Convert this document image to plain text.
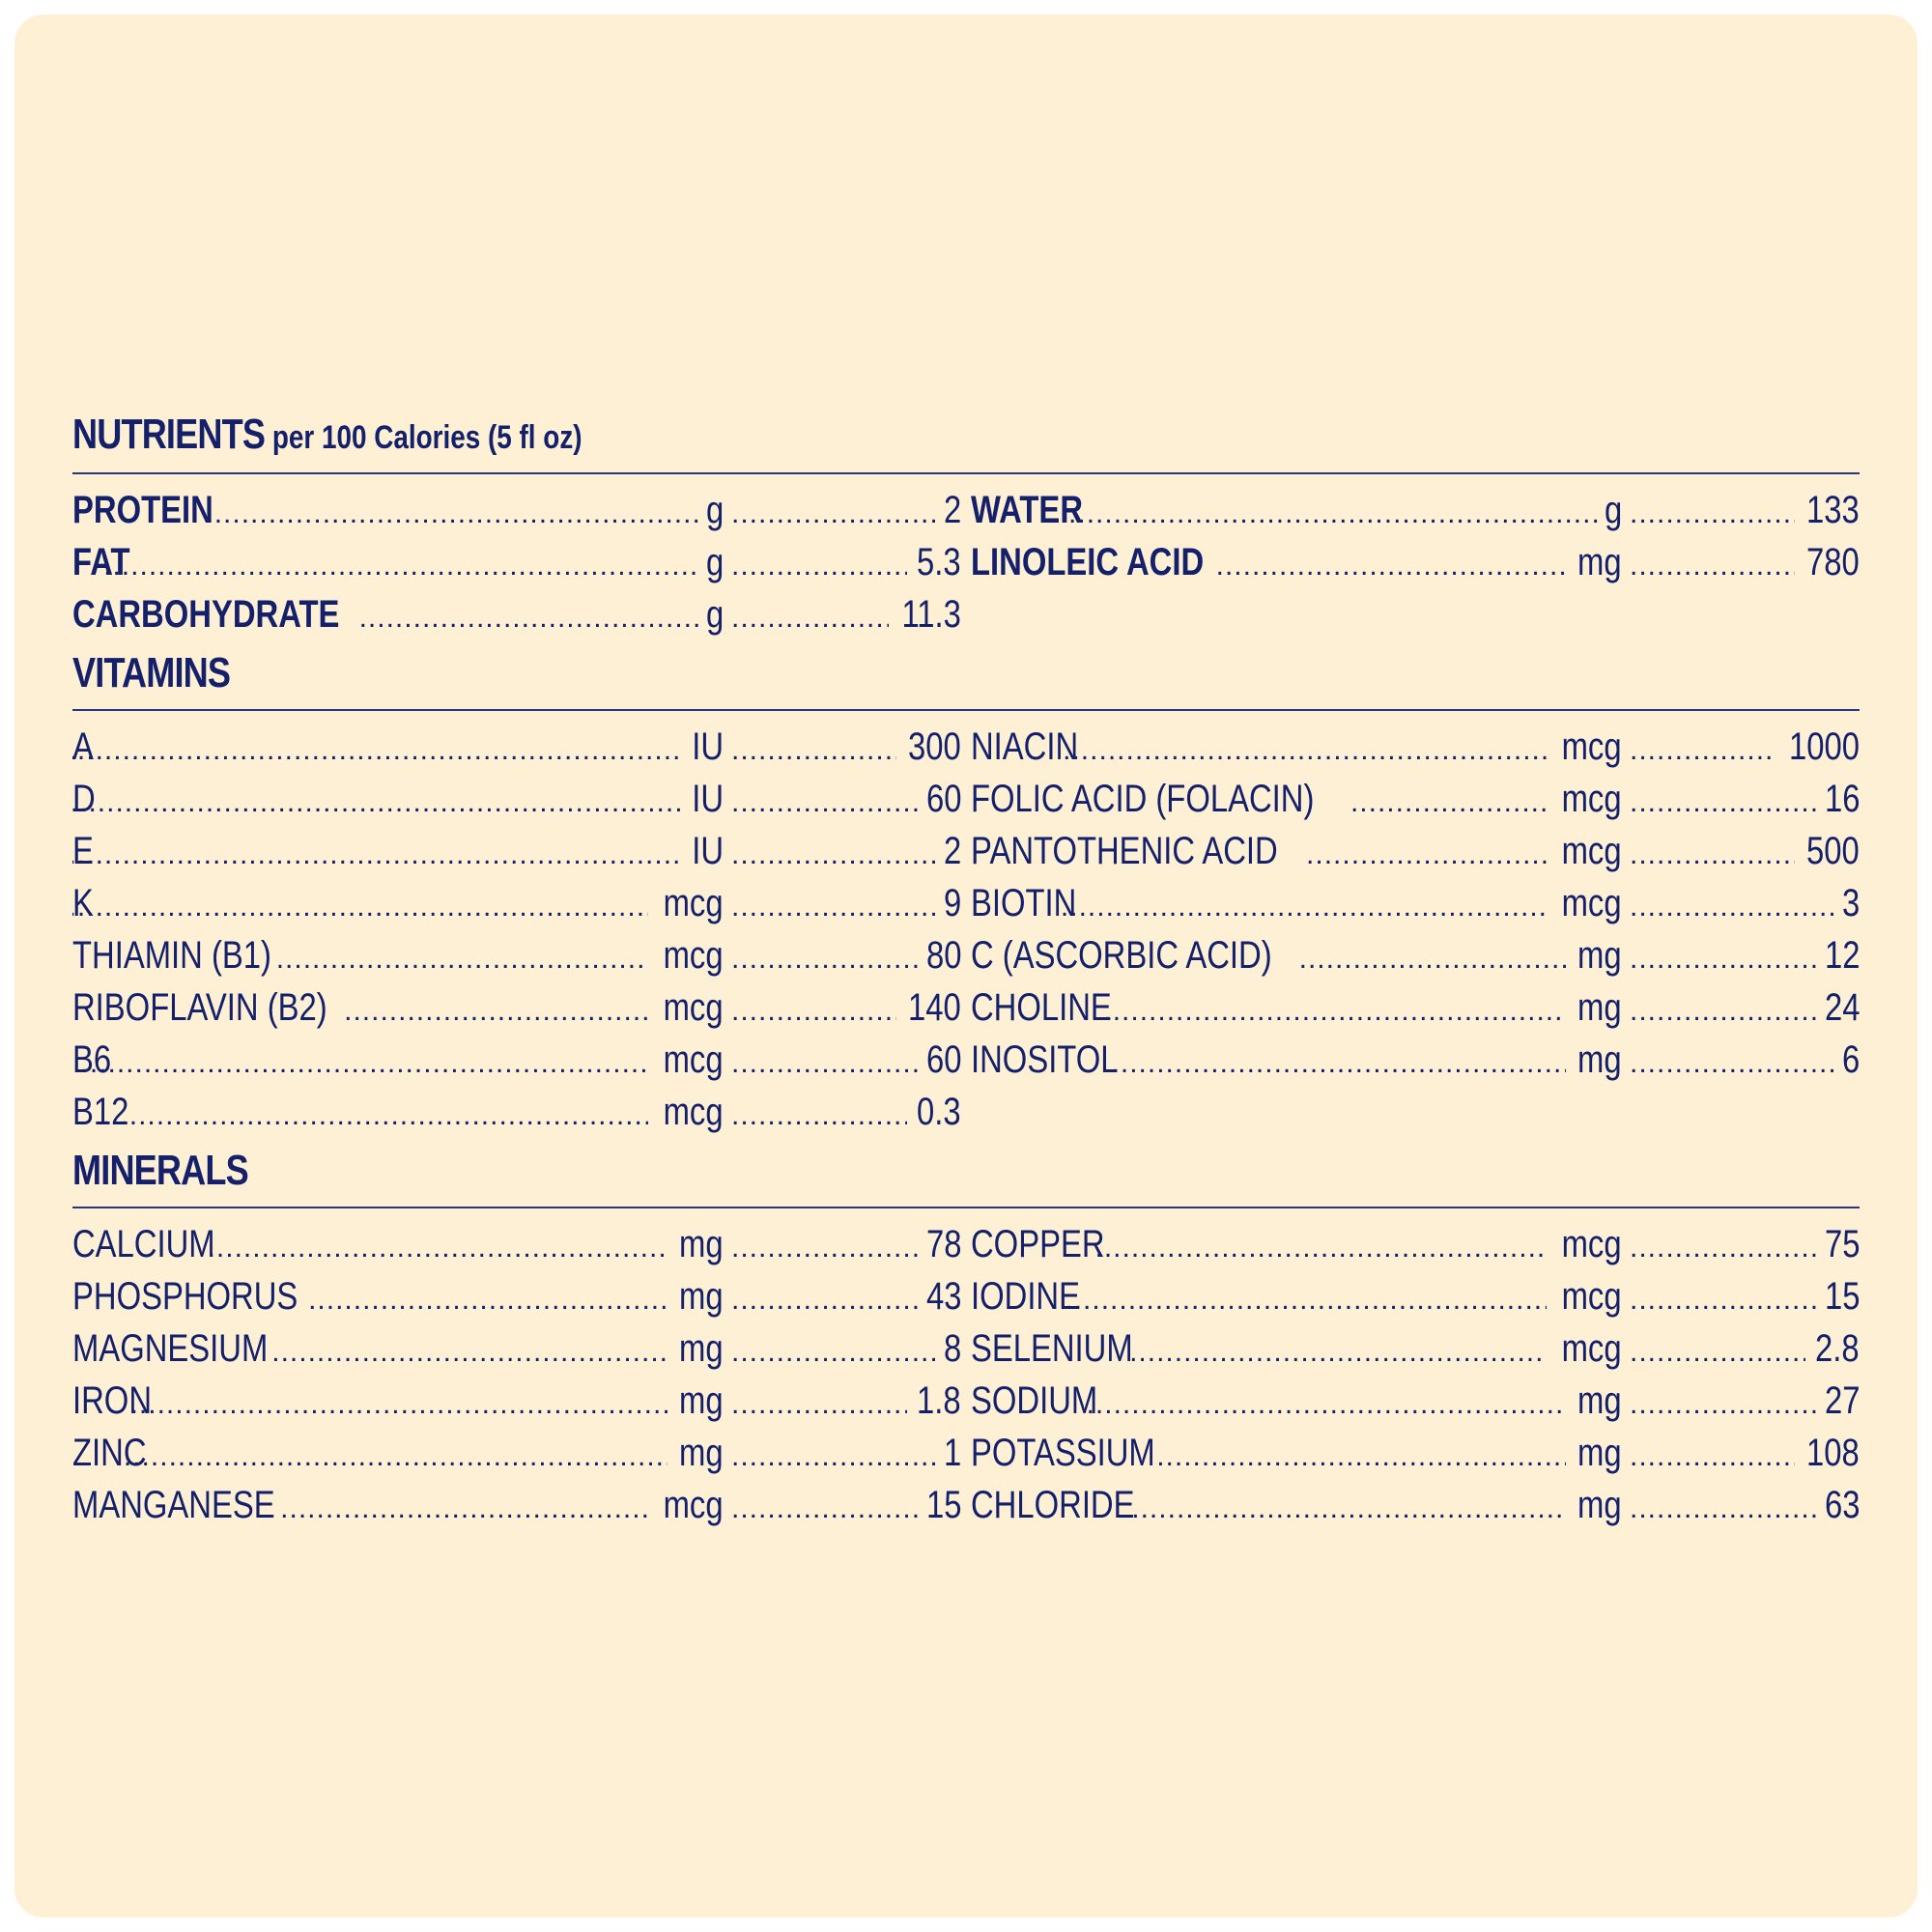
NUTRIENTS per 100 Calories (5 fl oz)
PROTEIN .....	g .....	2
FAT .....	g .....	5.3
CARBOHYDRATE .....	g .....	11.3
WATER .....	g .....	133
LINOLEIC ACID .....	mg .....	780
VITAMINS
A .....	IU .....	300
D .....	IU .....	60
E .....	IU .....	2
K .....	mcg .....	9
THIAMIN (B1) .....	mcg .....	80
RIBOFLAVIN (B2) .....	mcg .....	140
B6 .....	mcg .....	60
B12 .....	mcg .....	0.3
NIACIN .....	mcg .....	1000
FOLIC ACID (FOLACIN) .....	mcg .....	16
PANTOTHENIC ACID .....	mcg .....	500
BIOTIN .....	mcg .....	3
C (ASCORBIC ACID) .....	mg .....	12
CHOLINE .....	mg .....	24
INOSITOL .....	mg .....	6
MINERALS
CALCIUM .....	mg .....	78
PHOSPHORUS .....	mg .....	43
MAGNESIUM .....	mg .....	8
IRON .....	mg .....	1.8
ZINC .....	mg .....	1
MANGANESE .....	mcg .....	15
COPPER .....	mcg .....	75
IODINE .....	mcg .....	15
SELENIUM .....	mcg .....	2.8
SODIUM .....	mg .....	27
POTASSIUM .....	mg .....	108
CHLORIDE .....	mg .....	63
